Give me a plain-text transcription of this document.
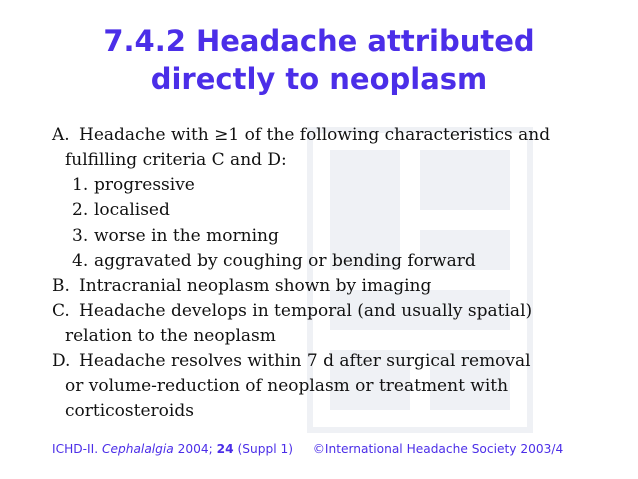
7.4.2 Headache attributed
directly to neoplasm
A. Headache with ≥1 of the following characteristics and
fulfilling criteria C and D:
1. progressive
2. localised
3. worse in the morning
4. aggravated by coughing or bending forward
B. Intracranial neoplasm shown by imaging
C. Headache develops in temporal (and usually spatial)
relation to the neoplasm
D. Headache resolves within 7 d after surgical removal
or volume-reduction of neoplasm or treatment with
corticosteroids
ICHD-II. Cephalalgia 2004; 24 (Suppl 1) ©International Headache Society 2003/4
